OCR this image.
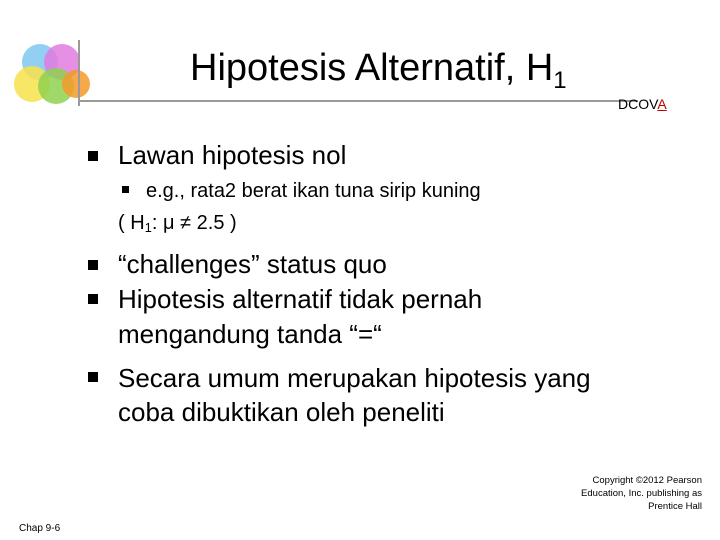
Hipotesis Alternatif, $H_1$
DCOVA
Lawan hipotesis nol
e.g., rata2 berat ikan tuna sirip kuning
( $H_1$: μ ≠ 2.5 )
“challenges” status quo
Hipotesis alternatif tidak pernah
mengandung tanda “=“
Secara umum merupakan hipotesis yang
coba dibuktikan oleh peneliti
Chap 9-6
Copyright ©2012 Pearson
Education, Inc. publishing as
Prentice Hall
